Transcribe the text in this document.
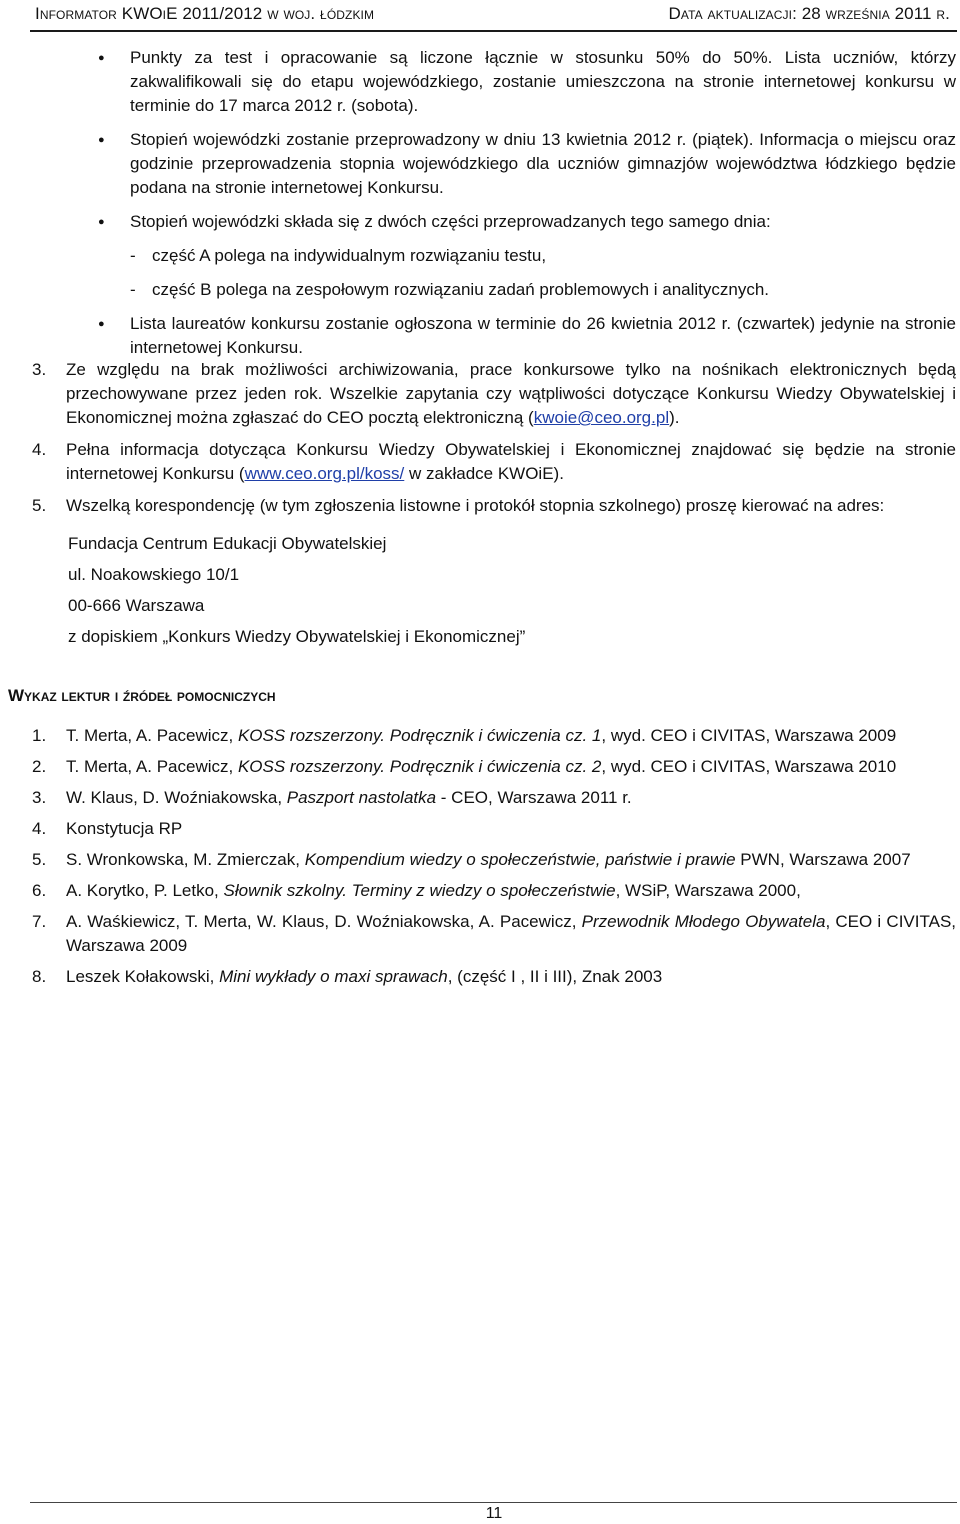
Informator KWOiE 2011/2012 w woj. łódzkim	Data aktualizacji: 28 września 2011 r.
● Punkty za test i opracowanie są liczone łącznie w stosunku 50% do 50%. Lista uczniów, którzy zakwalifikowali się do etapu wojewódzkiego, zostanie umieszczona na stronie internetowej konkursu w terminie do 17 marca 2012 r. (sobota).
● Stopień wojewódzki zostanie przeprowadzony w dniu 13 kwietnia 2012 r. (piątek). Informacja o miejscu oraz godzinie przeprowadzenia stopnia wojewódzkiego dla uczniów gimnazjów województwa łódzkiego będzie podana na stronie internetowej Konkursu.
● Stopień wojewódzki składa się z dwóch części przeprowadzanych tego samego dnia:
- część A polega na indywidualnym rozwiązaniu testu,
- część B polega na zespołowym rozwiązaniu zadań problemowych i analitycznych.
● Lista laureatów konkursu zostanie ogłoszona w terminie do 26 kwietnia 2012 r. (czwartek) jedynie na stronie internetowej Konkursu.
3. Ze względu na brak możliwości archiwizowania, prace konkursowe tylko na nośnikach elektronicznych będą przechowywane przez jeden rok. Wszelkie zapytania czy wątpliwości dotyczące Konkursu Wiedzy Obywatelskiej i Ekonomicznej można zgłaszać do CEO pocztą elektroniczną (kwoie@ceo.org.pl).
4. Pełna informacja dotycząca Konkursu Wiedzy Obywatelskiej i Ekonomicznej znajdować się będzie na stronie internetowej Konkursu (www.ceo.org.pl/koss/ w zakładce KWOiE).
5. Wszelką korespondencję (w tym zgłoszenia listowne i protokół stopnia szkolnego) proszę kierować na adres:
Fundacja Centrum Edukacji Obywatelskiej
ul. Noakowskiego 10/1
00-666 Warszawa
z dopiskiem „Konkurs Wiedzy Obywatelskiej i Ekonomicznej”
Wykaz lektur i źródeł pomocniczych
1. T. Merta, A. Pacewicz, KOSS rozszerzony. Podręcznik i ćwiczenia cz. 1, wyd. CEO i CIVITAS, Warszawa 2009
2. T. Merta, A. Pacewicz, KOSS rozszerzony. Podręcznik i ćwiczenia cz. 2, wyd. CEO i CIVITAS, Warszawa 2010
3. W. Klaus, D. Woźniakowska, Paszport nastolatka - CEO, Warszawa 2011 r.
4. Konstytucja RP
5. S. Wronkowska, M. Zmierczak, Kompendium wiedzy o społeczeństwie, państwie i prawie PWN, Warszawa 2007
6. A. Korytko, P. Letko, Słownik szkolny. Terminy z wiedzy o społeczeństwie, WSiP, Warszawa 2000,
7. A. Waśkiewicz, T. Merta, W. Klaus, D. Woźniakowska, A. Pacewicz, Przewodnik Młodego Obywatela, CEO i CIVITAS, Warszawa 2009
8. Leszek Kołakowski, Mini wykłady o maxi sprawach, (część I , II i III), Znak 2003
11
